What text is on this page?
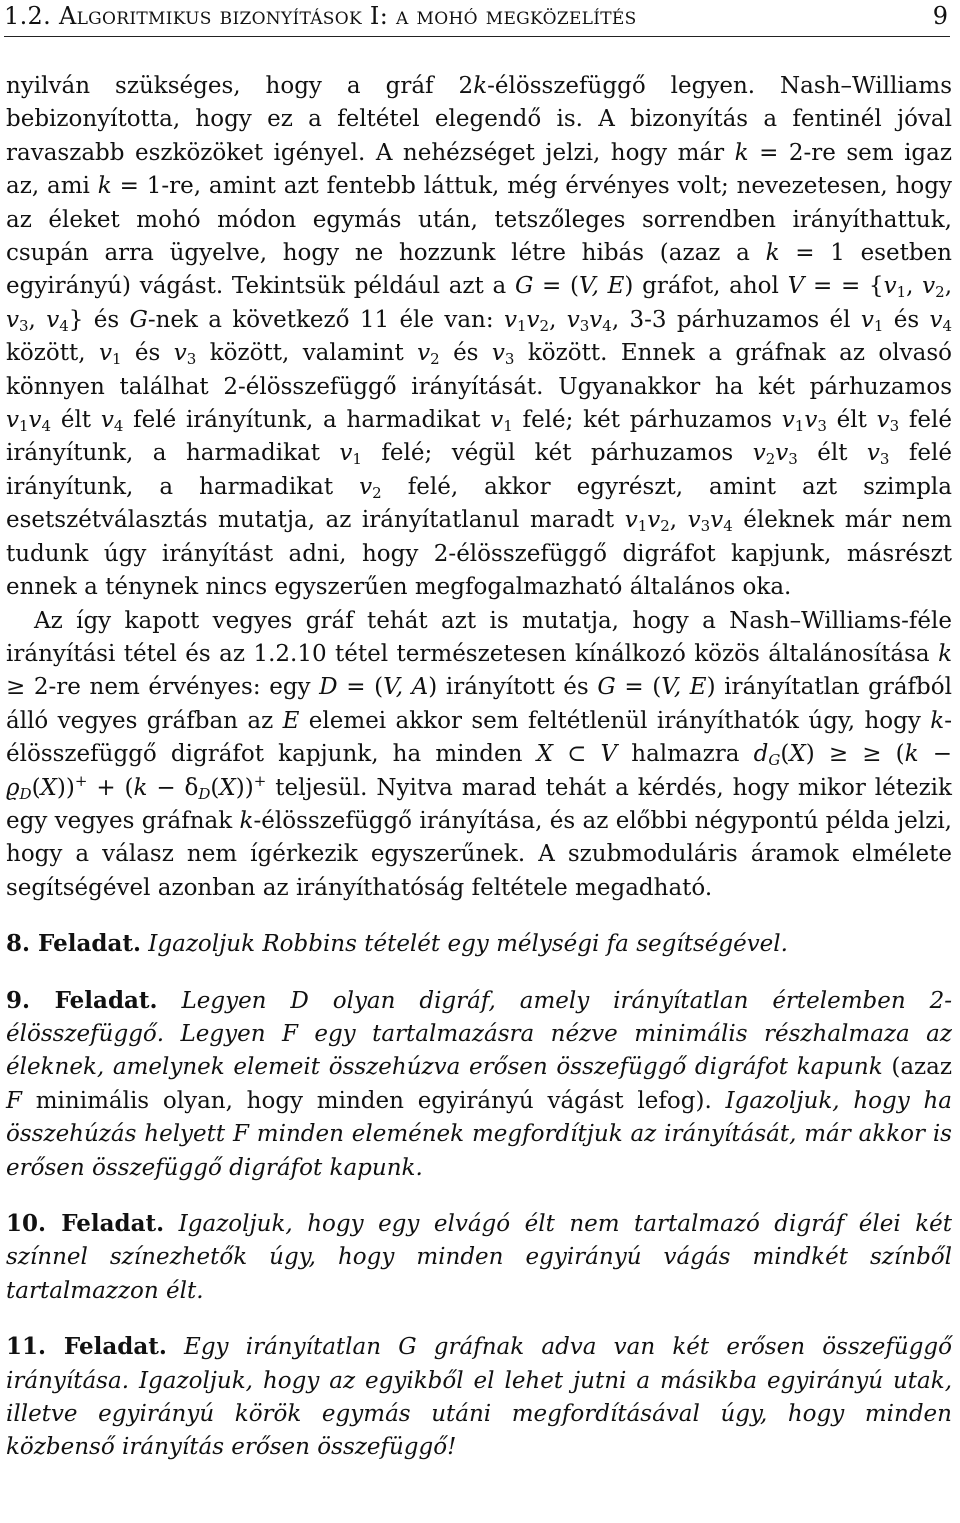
1.2. Algoritmikus bizonyítások I: a mohó megközelítés	9

nyilván szükséges, hogy a gráf 2k-élösszefüggő legyen. Nash–Williams bebizonyította, hogy ez a feltétel elegendő is. A bizonyítás a fentinél jóval ravaszabb eszközöket igényel. A nehézséget jelzi, hogy már k = 2-re sem igaz az, ami k = 1-re, amint azt fentebb láttuk, még érvényes volt; nevezetesen, hogy az éleket mohó módon egymás után, tetszőleges sorrendben irányíthattuk, csupán arra ügyelve, hogy ne hozzunk létre hibás (azaz a k = 1 esetben egyirányú) vágást. Tekintsük például azt a G = (V, E) gráfot, ahol V = = {$v_1$, $v_2$, $v_3$, $v_4$} és G-nek a következő 11 éle van: $v_1v_2$, $v_3v_4$, 3-3 párhuzamos él $v_1$ és $v_4$ között, $v_1$ és $v_3$ között, valamint $v_2$ és $v_3$ között. Ennek a gráfnak az olvasó könnyen találhat 2-élösszefüggő irányítását. Ugyanakkor ha két párhuzamos $v_1v_4$ élt $v_4$ felé irányítunk, a harmadikat $v_1$ felé; két párhuzamos $v_1v_3$ élt $v_3$ felé irányítunk, a harmadikat $v_1$ felé; végül két párhuzamos $v_2v_3$ élt $v_3$ felé irányítunk, a harmadikat $v_2$ felé, akkor egyrészt, amint azt szimpla esetszétválasztás mutatja, az irányítatlanul maradt $v_1v_2$, $v_3v_4$ éleknek már nem tudunk úgy irányítást adni, hogy 2-élösszefüggő digráfot kapjunk, másrészt ennek a ténynek nincs egyszerűen megfogalmazható általános oka.

Az így kapott vegyes gráf tehát azt is mutatja, hogy a Nash–Williams-féle irányítási tétel és az 1.2.10 tétel természetesen kínálkozó közös általánosítása k ≥ 2-re nem érvényes: egy D = (V, A) irányított és G = (V, E) irányítatlan gráfból álló vegyes gráfban az E elemei akkor sem feltétlenül irányíthatók úgy, hogy k-élösszefüggő digráfot kapjunk, ha minden X ⊂ V halmazra $d_G(X)$ ≥ ≥ $(k - ϱ_D(X))^+ + (k - \delta_D(X))^+$ teljesül. Nyitva marad tehát a kérdés, hogy mikor létezik egy vegyes gráfnak k-élösszefüggő irányítása, és az előbbi négypontú példa jelzi, hogy a válasz nem ígérkezik egyszerűnek. A szubmoduláris áramok elmélete segítségével azonban az irányíthatóság feltétele megadható.

8. Feladat. Igazoljuk Robbins tételét egy mélységi fa segítségével.

9. Feladat. Legyen D olyan digráf, amely irányítatlan értelemben 2-élösszefüggő. Legyen F egy tartalmazásra nézve minimális részhalmaza az éleknek, amelynek elemeit összehúzva erősen összefüggő digráfot kapunk (azaz F minimális olyan, hogy minden egyirányú vágást lefog). Igazoljuk, hogy ha összehúzás helyett F minden elemének megfordítjuk az irányítását, már akkor is erősen összefüggő digráfot kapunk.

10. Feladat. Igazoljuk, hogy egy elvágó élt nem tartalmazó digráf élei két színnel színezhetők úgy, hogy minden egyirányú vágás mindkét színből tartalmazzon élt.

11. Feladat. Egy irányítatlan G gráfnak adva van két erősen összefüggő irányítása. Igazoljuk, hogy az egyikből el lehet jutni a másikba egyirányú utak, illetve egyirányú körök egymás utáni megfordításával úgy, hogy minden közbenső irányítás erősen összefüggő!
